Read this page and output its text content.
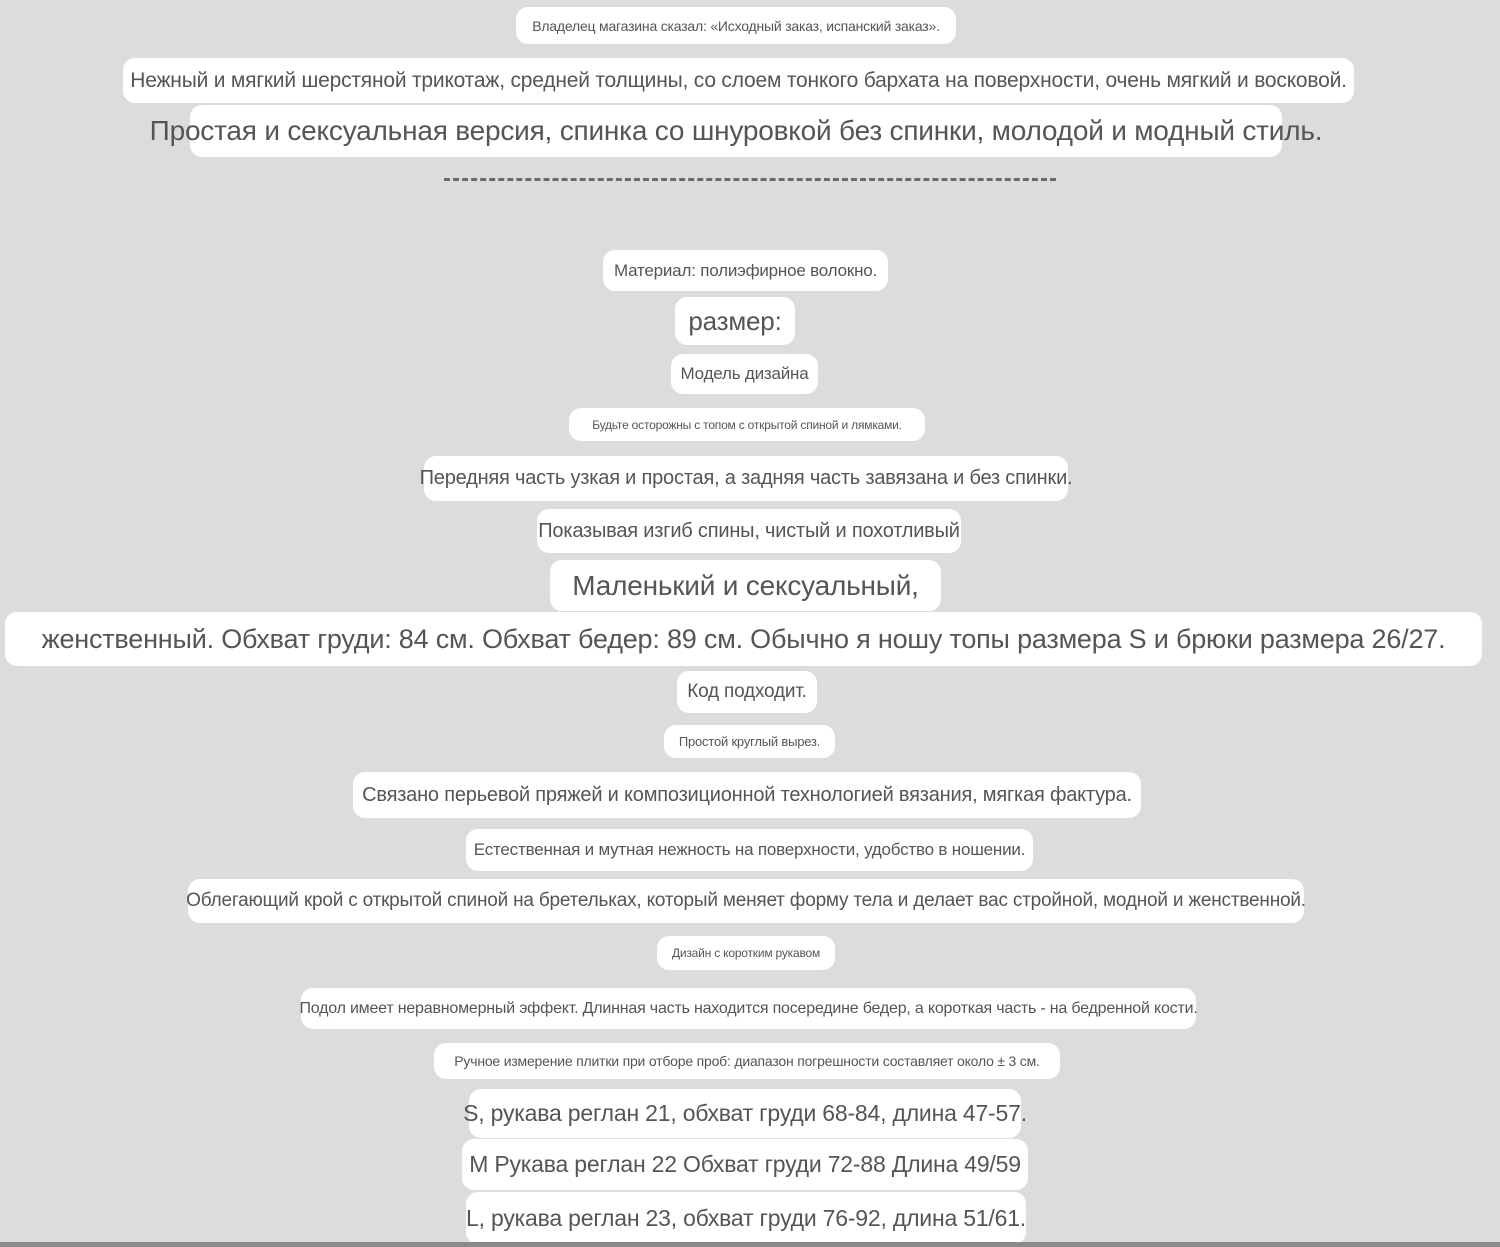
Владелец магазина сказал: «Исходный заказ, испанский заказ».
Нежный и мягкий шерстяной трикотаж, средней толщины, со слоем тонкого бархата на поверхности, очень мягкий и восковой.
Простая и сексуальная версия, спинка со шнуровкой без спинки, молодой и модный стиль.
Материал: полиэфирное волокно.
размер:
Модель дизайна
Будьте осторожны с топом с открытой спиной и лямками.
Передняя часть узкая и простая, а задняя часть завязана и без спинки.
Показывая изгиб спины, чистый и похотливый
Маленький и сексуальный,
женственный. Обхват груди: 84 см. Обхват бедер: 89 см. Обычно я ношу топы размера S и брюки размера 26/27.
Код подходит.
Простой круглый вырез.
Связано перьевой пряжей и композиционной технологией вязания, мягкая фактура.
Естественная и мутная нежность на поверхности, удобство в ношении.
Облегающий крой с открытой спиной на бретельках, который меняет форму тела и делает вас стройной, модной и женственной.
Дизайн с коротким рукавом
Подол имеет неравномерный эффект. Длинная часть находится посередине бедер, а короткая часть - на бедренной кости.
Ручное измерение плитки при отборе проб: диапазон погрешности составляет около ± 3 см.
S, рукава реглан 21, обхват груди 68-84, длина 47-57.
M Рукава реглан 22 Обхват груди 72-88 Длина 49/59
L, рукава реглан 23, обхват груди 76-92, длина 51/61.
